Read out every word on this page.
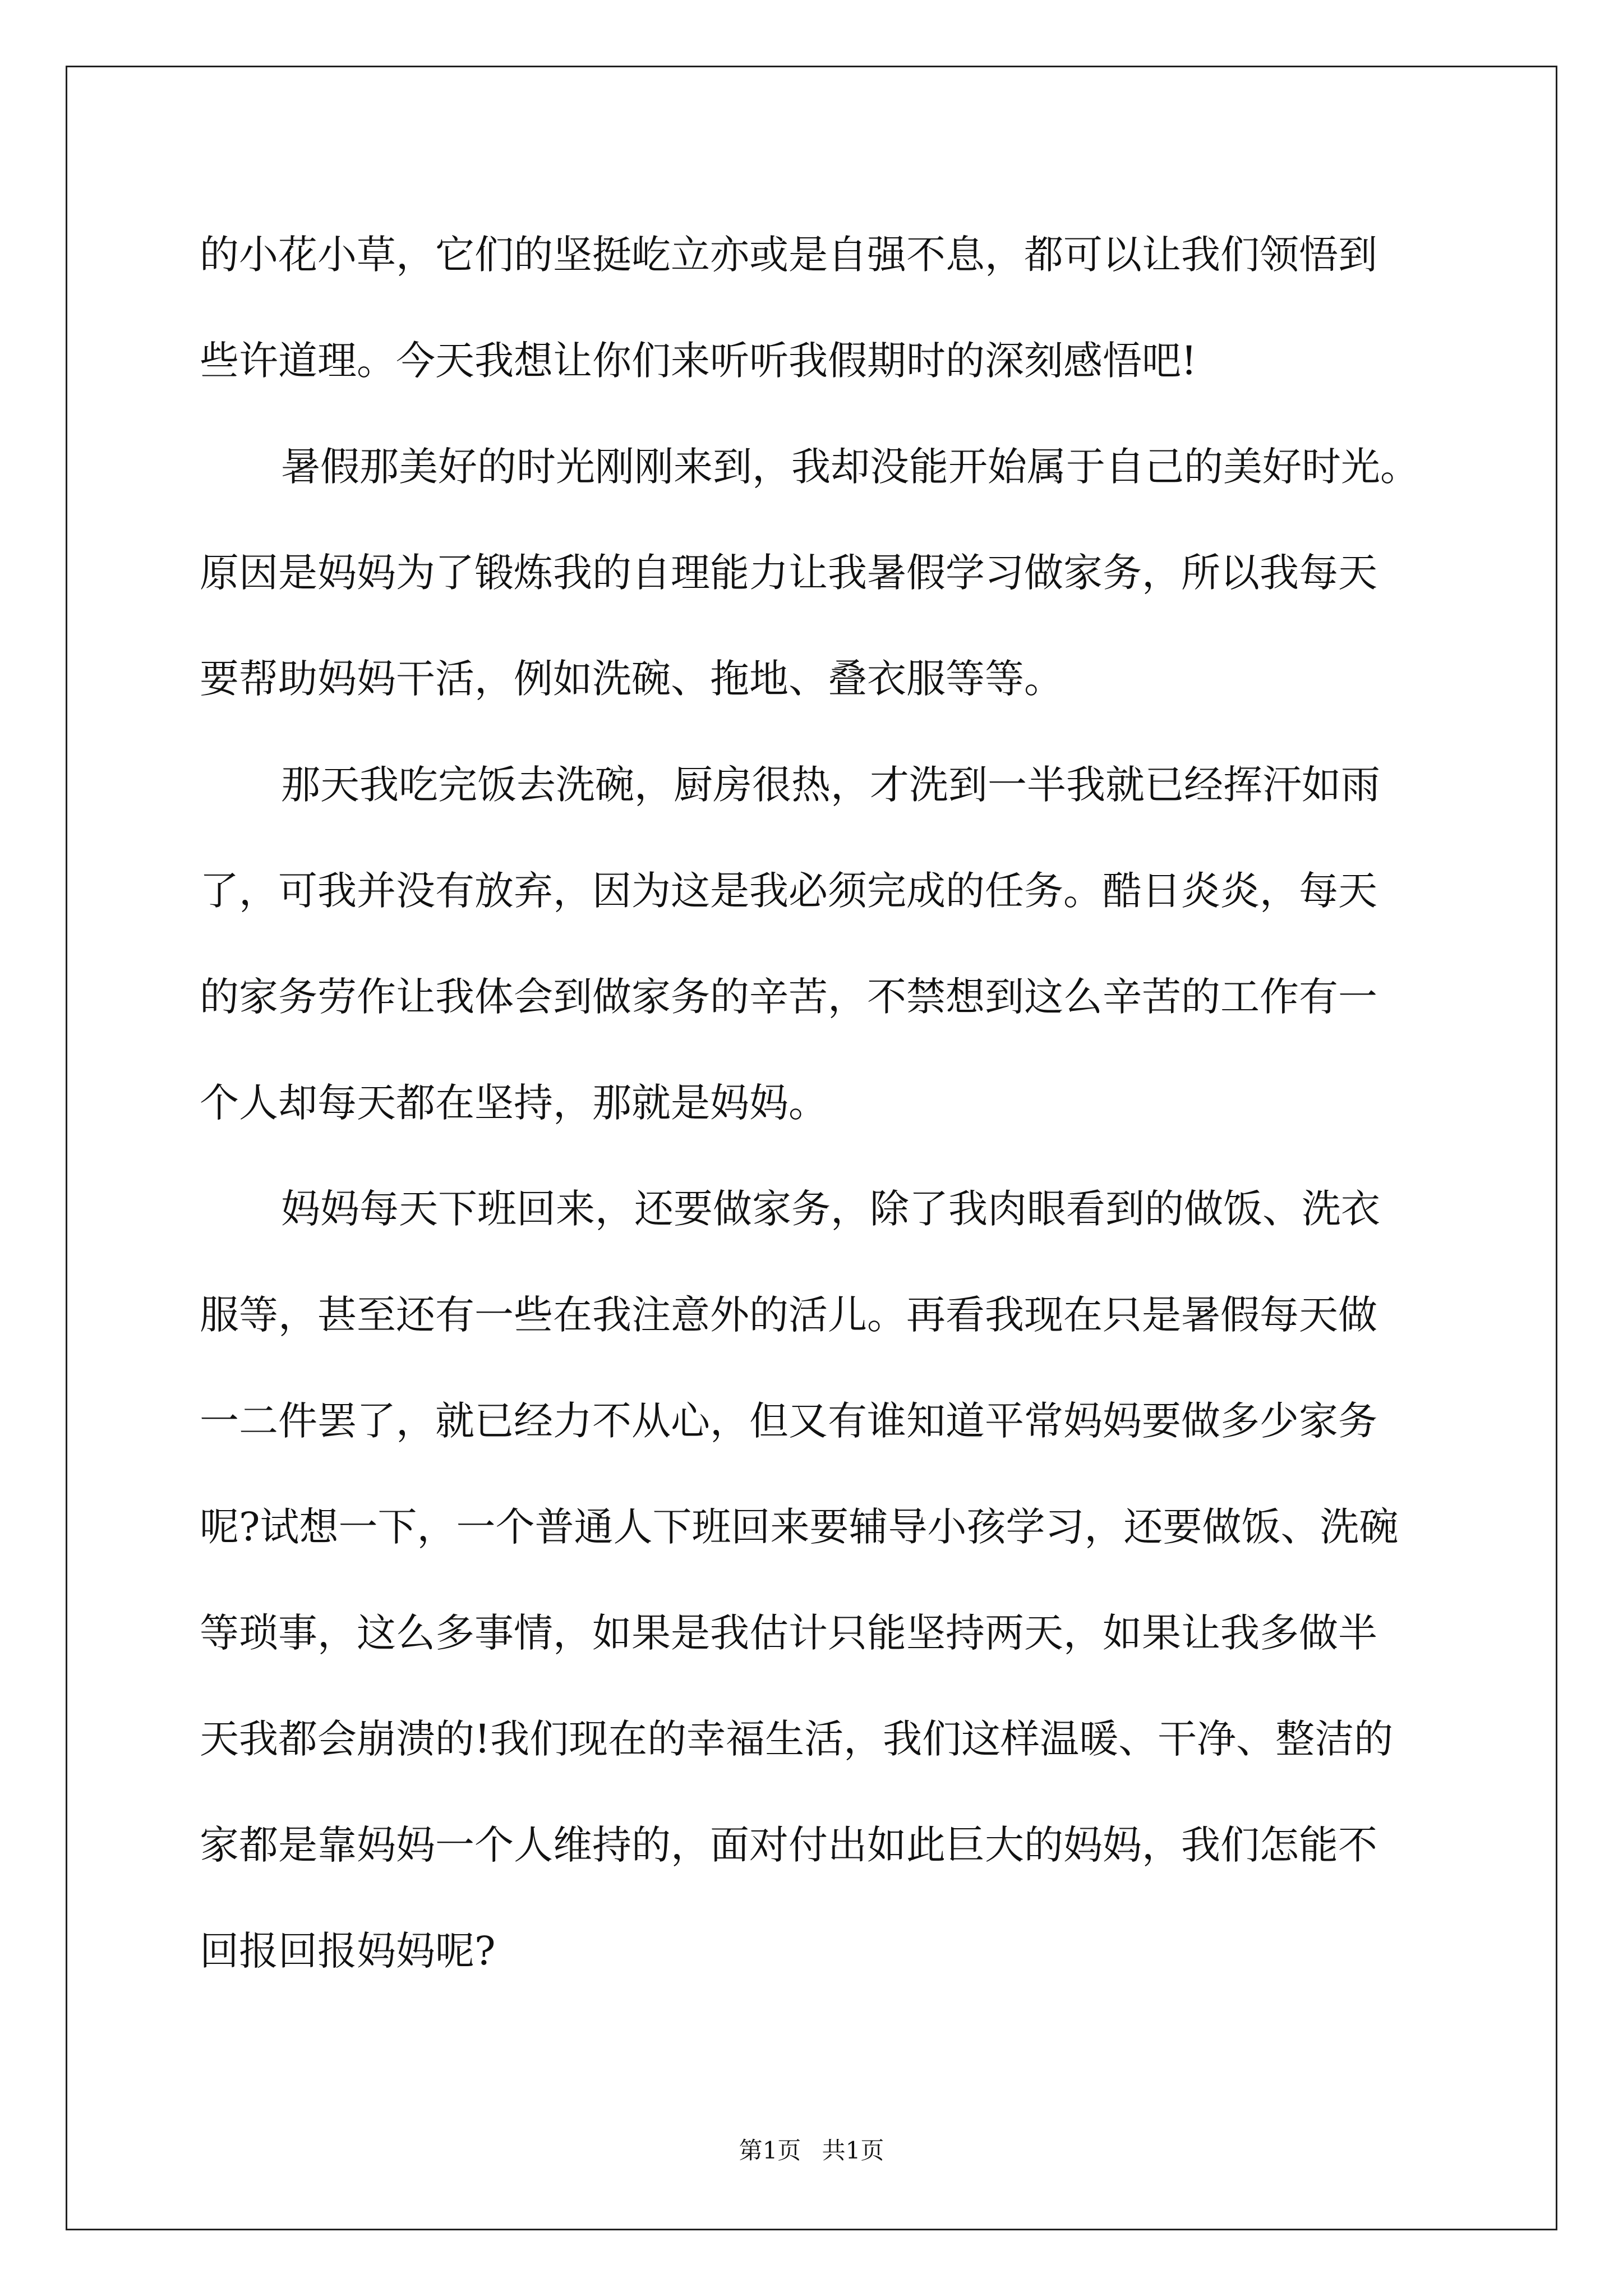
的小花小草，它们的坚挺屹立亦或是自强不息，都可以让我们领悟到
些许道理。今天我想让你们来听听我假期时的深刻感悟吧!
暑假那美好的时光刚刚来到，我却没能开始属于自己的美好时光。
原因是妈妈为了锻炼我的自理能力让我暑假学习做家务，所以我每天
要帮助妈妈干活，例如洗碗、拖地、叠衣服等等。
那天我吃完饭去洗碗，厨房很热，才洗到一半我就已经挥汗如雨
了，可我并没有放弃，因为这是我必须完成的任务。酷日炎炎，每天
的家务劳作让我体会到做家务的辛苦，不禁想到这么辛苦的工作有一
个人却每天都在坚持，那就是妈妈。
妈妈每天下班回来，还要做家务，除了我肉眼看到的做饭、洗衣
服等，甚至还有一些在我注意外的活儿。再看我现在只是暑假每天做
一二件罢了，就已经力不从心，但又有谁知道平常妈妈要做多少家务
呢?试想一下，一个普通人下班回来要辅导小孩学习，还要做饭、洗碗
等琐事，这么多事情，如果是我估计只能坚持两天，如果让我多做半
天我都会崩溃的!我们现在的幸福生活，我们这样温暖、干净、整洁的
家都是靠妈妈一个人维持的，面对付出如此巨大的妈妈，我们怎能不
回报回报妈妈呢?
第1页 共1页
